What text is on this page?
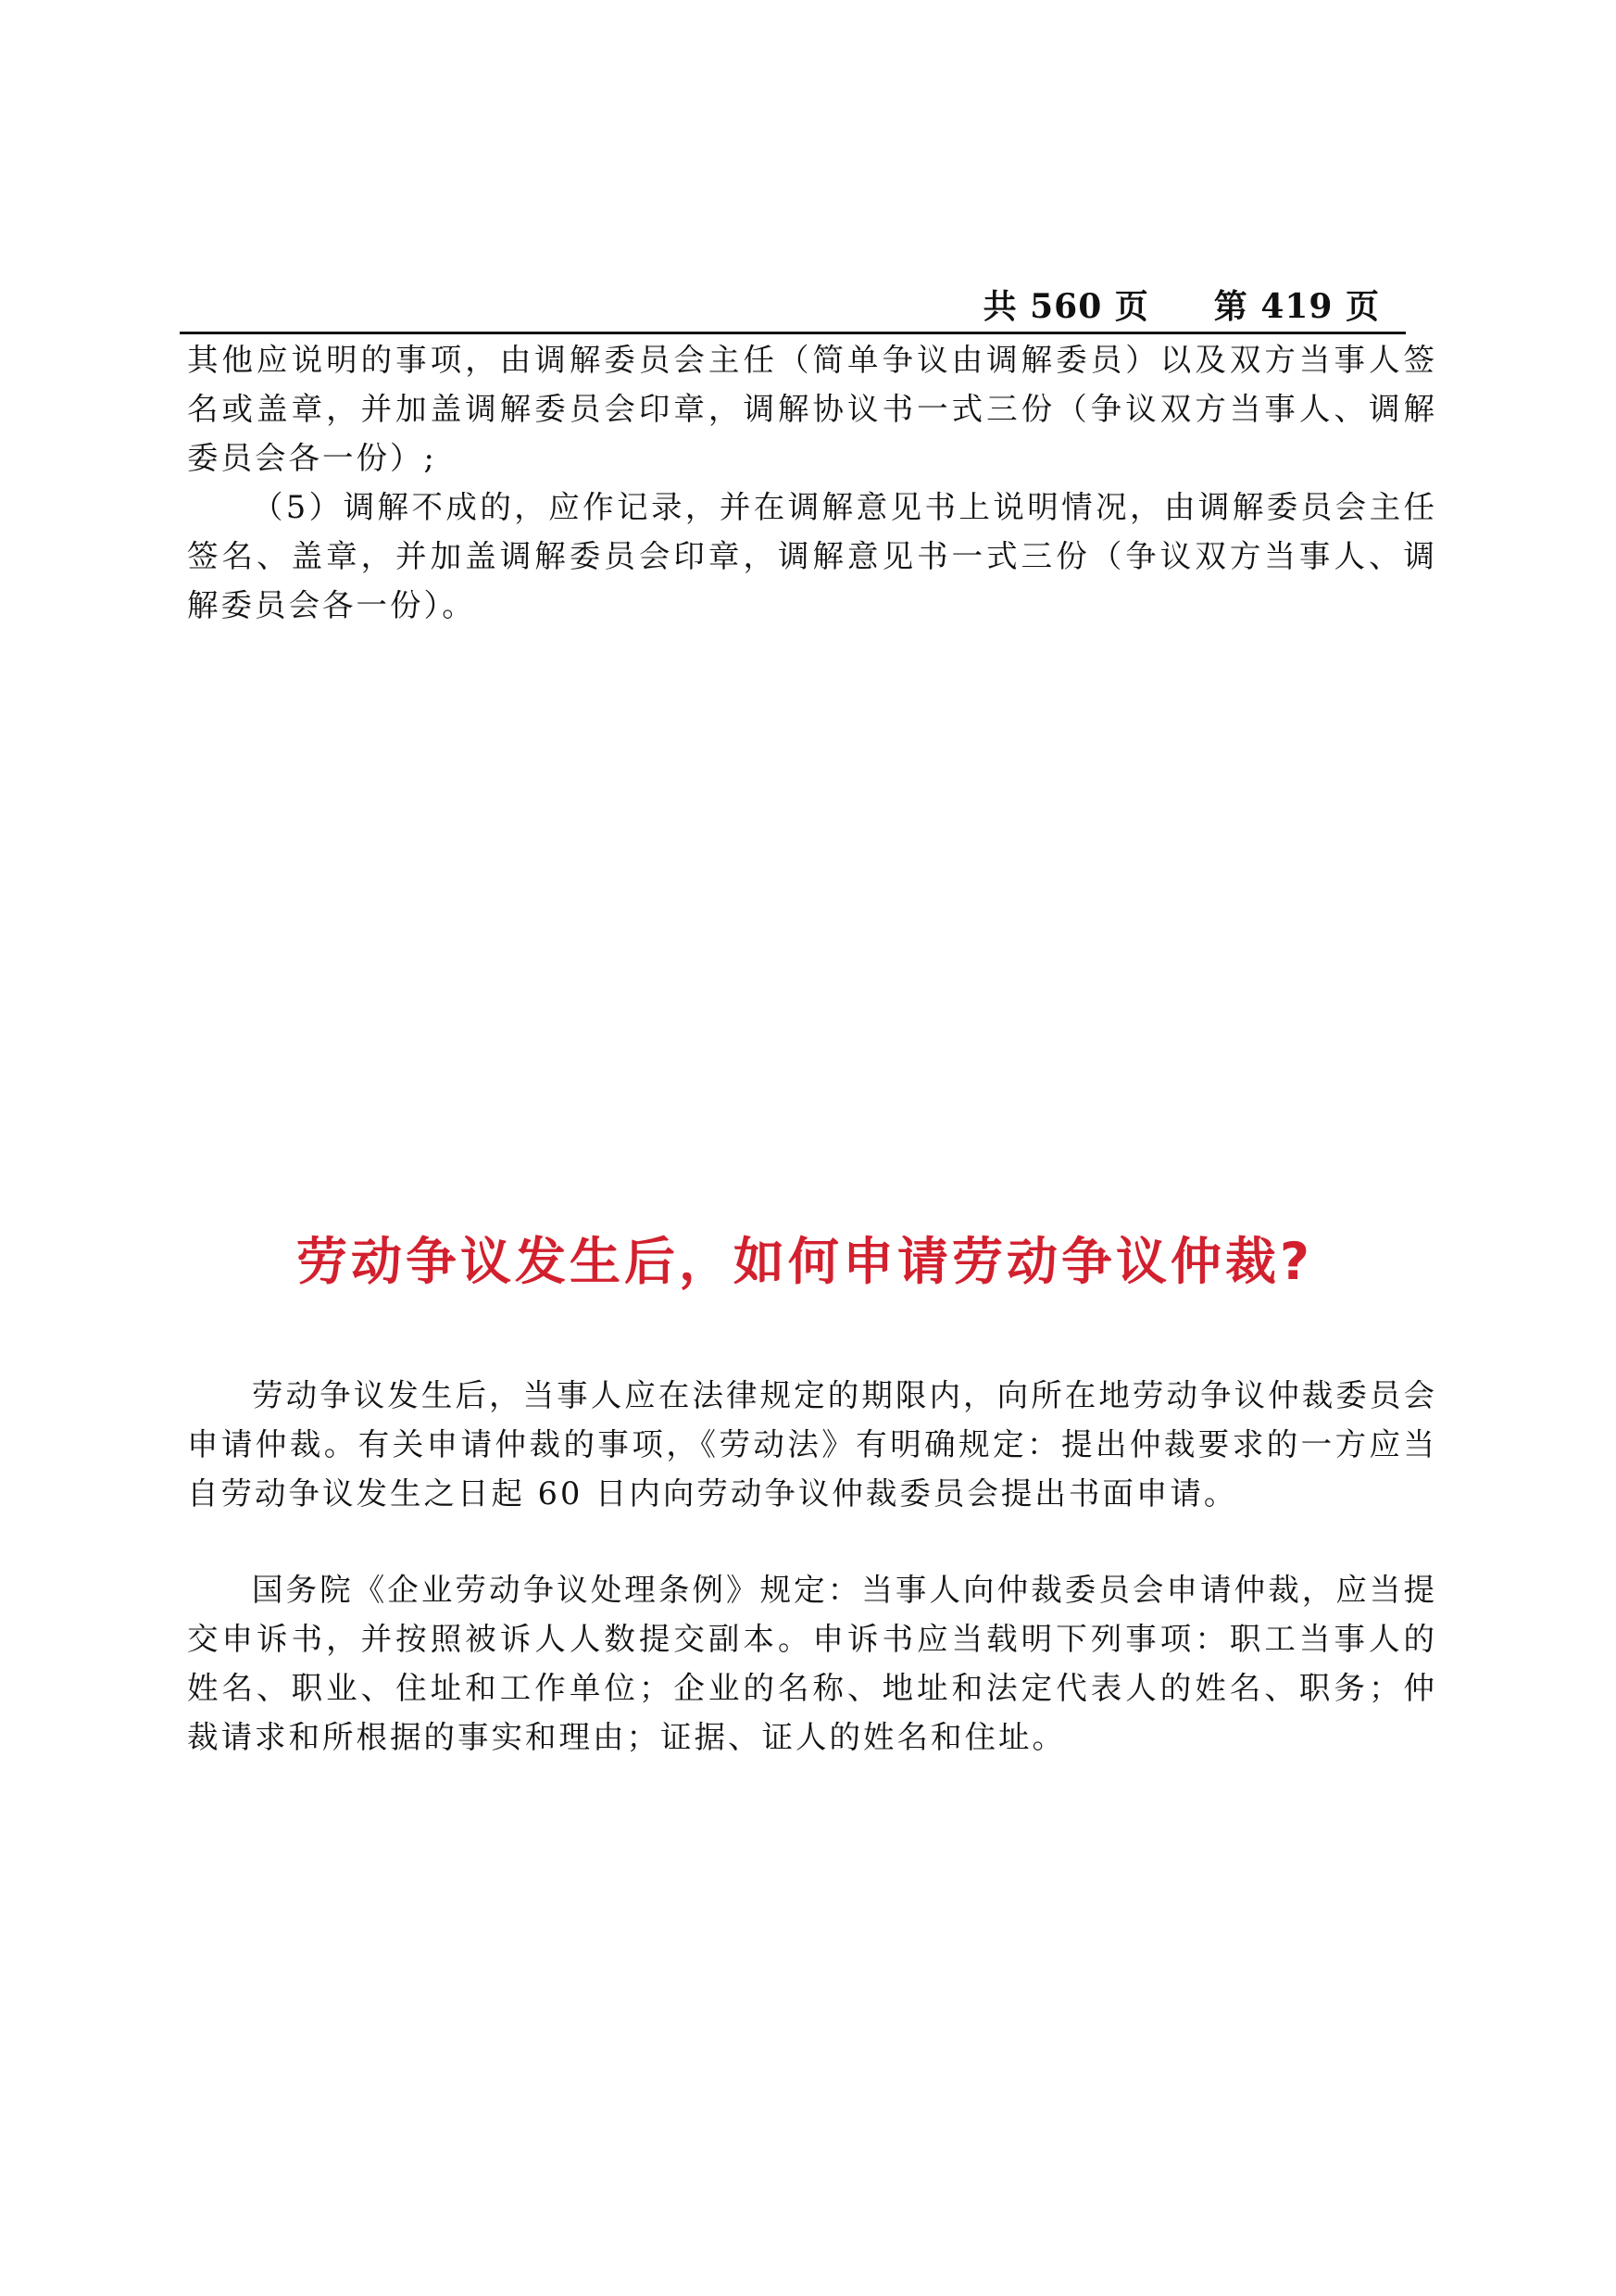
共 560 页 第 419 页

其他应说明的事项，由调解委员会主任（简单争议由调解委员）以及双方当事人签名或盖章，并加盖调解委员会印章，调解协议书一式三份（争议双方当事人、调解委员会各一份）;

（5）调解不成的，应作记录，并在调解意见书上说明情况，由调解委员会主任签名、盖章，并加盖调解委员会印章，调解意见书一式三份（争议双方当事人、调解委员会各一份）。

劳动争议发生后，如何申请劳动争议仲裁?

劳动争议发生后，当事人应在法律规定的期限内，向所在地劳动争议仲裁委员会申请仲裁。有关申请仲裁的事项，《劳动法》有明确规定：提出仲裁要求的一方应当自劳动争议发生之日起 60 日内向劳动争议仲裁委员会提出书面申请。

国务院《企业劳动争议处理条例》规定：当事人向仲裁委员会申请仲裁，应当提交申诉书，并按照被诉人人数提交副本。申诉书应当载明下列事项：职工当事人的姓名、职业、住址和工作单位；企业的名称、地址和法定代表人的姓名、职务；仲裁请求和所根据的事实和理由；证据、证人的姓名和住址。
